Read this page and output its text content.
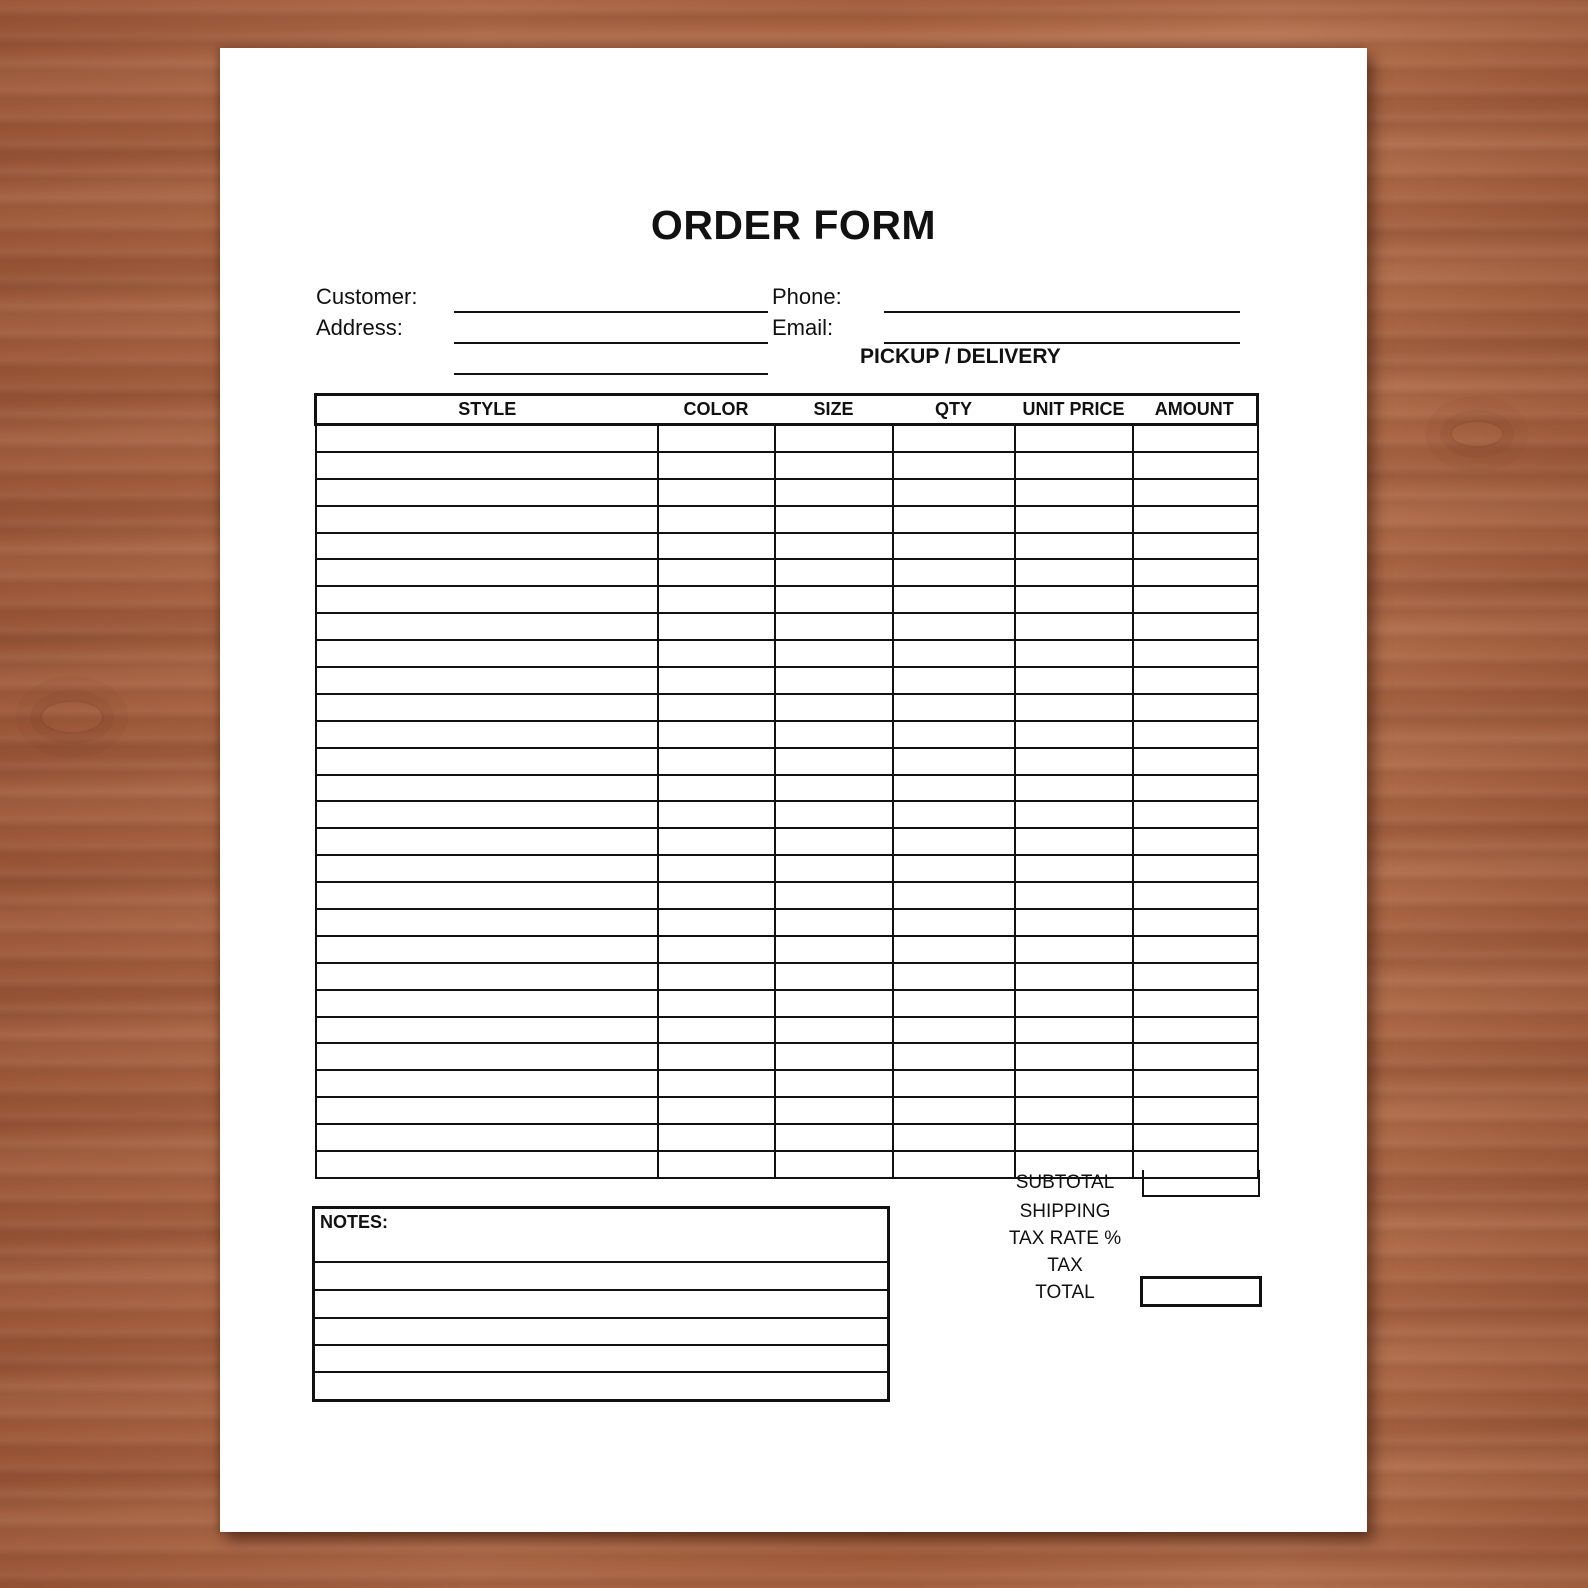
ORDER FORM
Customer:
Address:
Phone:
Email:
PICKUP / DELIVERY
STYLE	COLOR	SIZE	QTY	UNIT PRICE	AMOUNT

NOTES:
SUBTOTAL
SHIPPING
TAX RATE %
TAX
TOTAL
